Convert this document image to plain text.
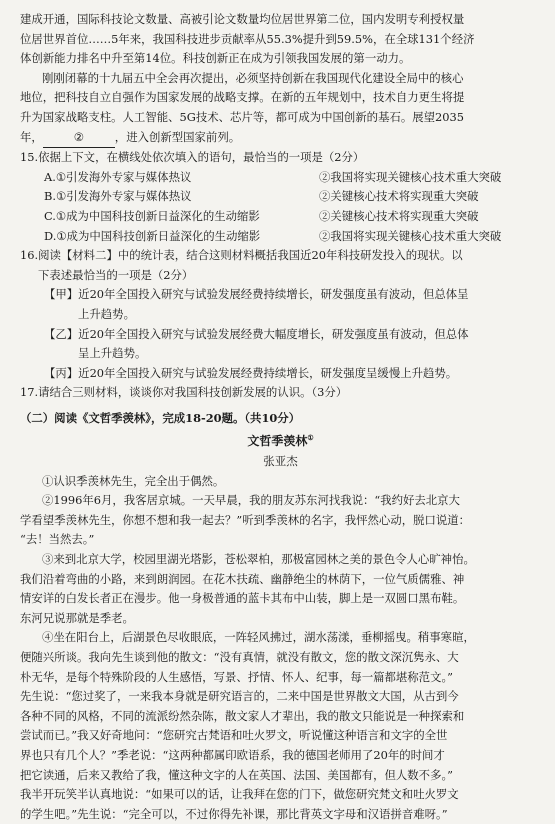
建成开通，国际科技论文数量、高被引论文数量均位居世界第二位，国内发明专利授权量

位居世界首位……5年来，我国科技进步贡献率从55.3%提升到59.5%，在全球131个经济

体创新能力排名中升至第14位。科技创新正在成为引领我国发展的第一动力。

刚刚闭幕的十九届五中全会再次提出，必须坚持创新在我国现代化建设全局中的核心

地位，把科技自立自强作为国家发展的战略支撑。在新的五年规划中，技术自力更生将提

升为国家战略支柱。人工智能、5G技术、芯片等，都可成为中国创新的基石。展望2035

年，	②	，进入创新型国家前列。

15.依据上下文，在横线处依次填入的语句，最恰当的一项是（2分）

A.①引发海外专家与媒体热议	②我国将实现关键核心技术重大突破
B.①引发海外专家与媒体热议	②关键核心技术将实现重大突破
C.①成为中国科技创新日益深化的生动缩影	②关键核心技术将实现重大突破
D.①成为中国科技创新日益深化的生动缩影	②我国将实现关键核心技术重大突破

16.阅读【材料二】中的统计表，结合这则材料概括我国近20年科技研发投入的现状。以

下表述最恰当的一项是（2分）

【甲】近20年全国投入研究与试验发展经费持续增长，研发强度虽有波动，但总体呈

上升趋势。

【乙】近20年全国投入研究与试验发展经费大幅度增长，研发强度虽有波动，但总体

呈上升趋势。

【丙】近20年全国投入研究与试验发展经费持续增长，研发强度呈缓慢上升趋势。

17.请结合三则材料，谈谈你对我国科技创新发展的认识。（3分）

（二）阅读《文哲季羡林》，完成18-20题。（共10分）

文哲季羡林①
张亚杰

①认识季羡林先生，完全出于偶然。

②1996年6月，我客居京城。一天早晨，我的朋友苏东河找我说：“我约好去北京大

学看望季羡林先生，你想不想和我一起去？”听到季羡林的名字，我怦然心动，脱口说道：

“去！当然去。”

③来到北京大学，校园里湖光塔影，苍松翠柏，那极富园林之美的景色令人心旷神怡。

我们沿着弯曲的小路，来到朗润园。在花木扶疏、幽静绝尘的林荫下，一位气质儒雅、神

情安详的白发长者正在漫步。他一身极普通的蓝卡其布中山装，脚上是一双圆口黑布鞋。

东河兄说那就是季老。

④坐在阳台上，后湖景色尽收眼底，一阵轻风拂过，湖水荡漾，垂柳摇曳。稍事寒暄，

便随兴所谈。我向先生谈到他的散文：“没有真情，就没有散文，您的散文深沉隽永、大

朴无华，是每个特殊阶段的人生感悟，写景、抒情、怀人、纪事，每一篇都堪称范文。”

先生说：“您过奖了，一来我本身就是研究语言的，二来中国是世界散文大国，从古到今

各种不同的风格，不同的流派纷然杂陈，散文家人才辈出，我的散文只能说是一种探索和

尝试而已。”我又好奇地问：“您研究古梵语和吐火罗文，听说懂这种语言和文字的全世

界也只有几个人？”季老说：“这两种都属印欧语系，我的德国老师用了20年的时间才

把它读通，后来又教给了我，懂这种文字的人在英国、法国、美国都有，但人数不多。”

我半开玩笑半认真地说：“如果可以的话，让我拜在您的门下，做您研究梵文和吐火罗文

的学生吧。”先生说：“完全可以，不过你得先补课，那比背英文字母和汉语拼音难呀。”
